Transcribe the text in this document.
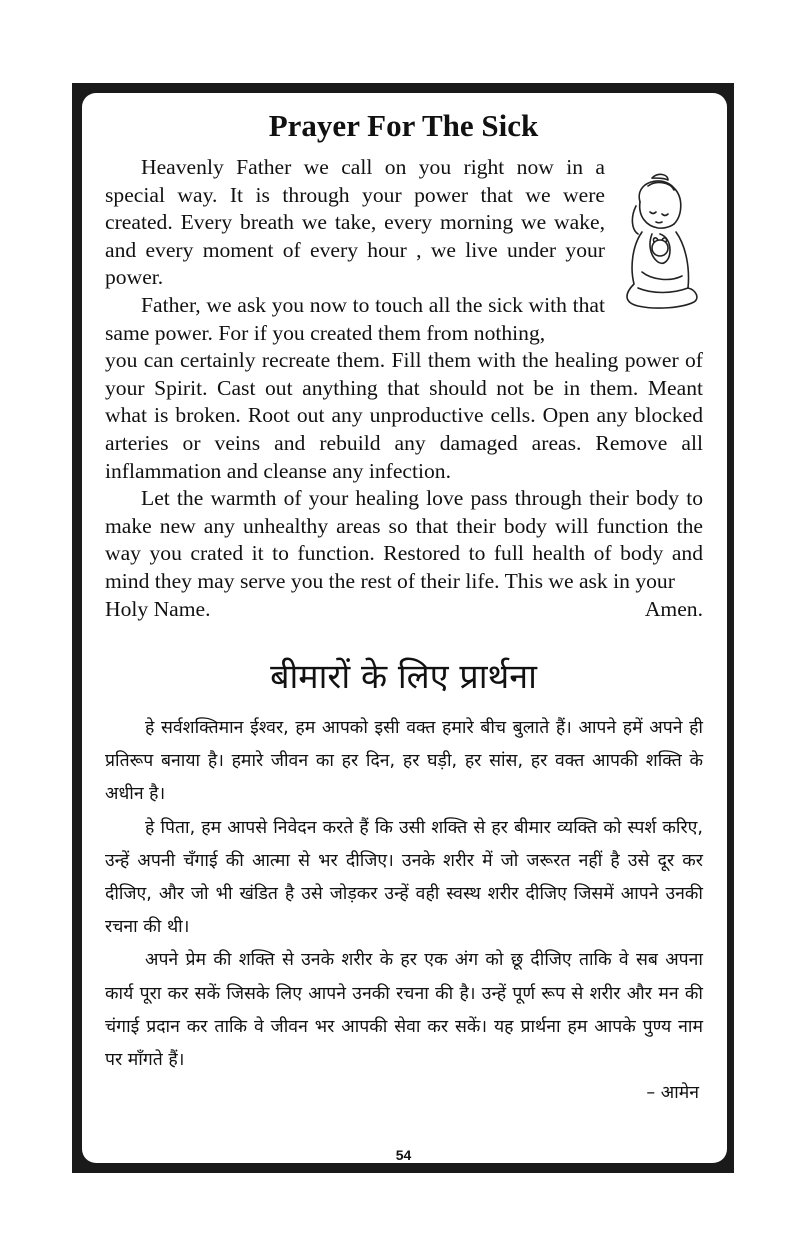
Prayer For The Sick

Heavenly Father we call on you right now in a special way. It is through your power that we were created. Every breath we take, every morning we wake, and every moment of every hour , we live under your power.

Father, we ask you now to touch all the sick with that same power. For if you created them from nothing,

you can certainly recreate them. Fill them with the healing power of your Spirit. Cast out anything that should not be in them. Meant what is broken. Root out any unproductive cells. Open any blocked arteries or veins and rebuild any damaged areas. Remove all inflammation and cleanse any infection.

Let the warmth of your healing love pass through their body to make new any unhealthy areas so that their body will function the way you crated it to function. Restored to full health of body and mind they may serve you the rest of their life. This we ask in your

Holy Name.	Amen.
बीमारों के लिए प्रार्थना

हे सर्वशक्तिमान ईश्वर, हम आपको इसी वक्त हमारे बीच बुलाते हैं। आपने हमें अपने ही प्रतिरूप बनाया है। हमारे जीवन का हर दिन, हर घड़ी, हर सांस, हर वक्त आपकी शक्ति के अधीन है।

हे पिता, हम आपसे निवेदन करते हैं कि उसी शक्ति से हर बीमार व्यक्ति को स्पर्श करिए, उन्हें अपनी चँगाई की आत्मा से भर दीजिए। उनके शरीर में जो जरूरत नहीं है उसे दूर कर दीजिए, और जो भी खंडित है उसे जोड़कर उन्हें वही स्वस्थ शरीर दीजिए जिसमें आपने उनकी रचना की थी।

अपने प्रेम की शक्ति से उनके शरीर के हर एक अंग को छू दीजिए ताकि वे सब अपना कार्य पूरा कर सकें जिसके लिए आपने उनकी रचना की है। उन्हें पूर्ण रूप से शरीर और मन की चंगाई प्रदान कर ताकि वे जीवन भर आपकी सेवा कर सकें। यह प्रार्थना हम आपके पुण्य नाम पर माँगते हैं।

– आमेन
54
